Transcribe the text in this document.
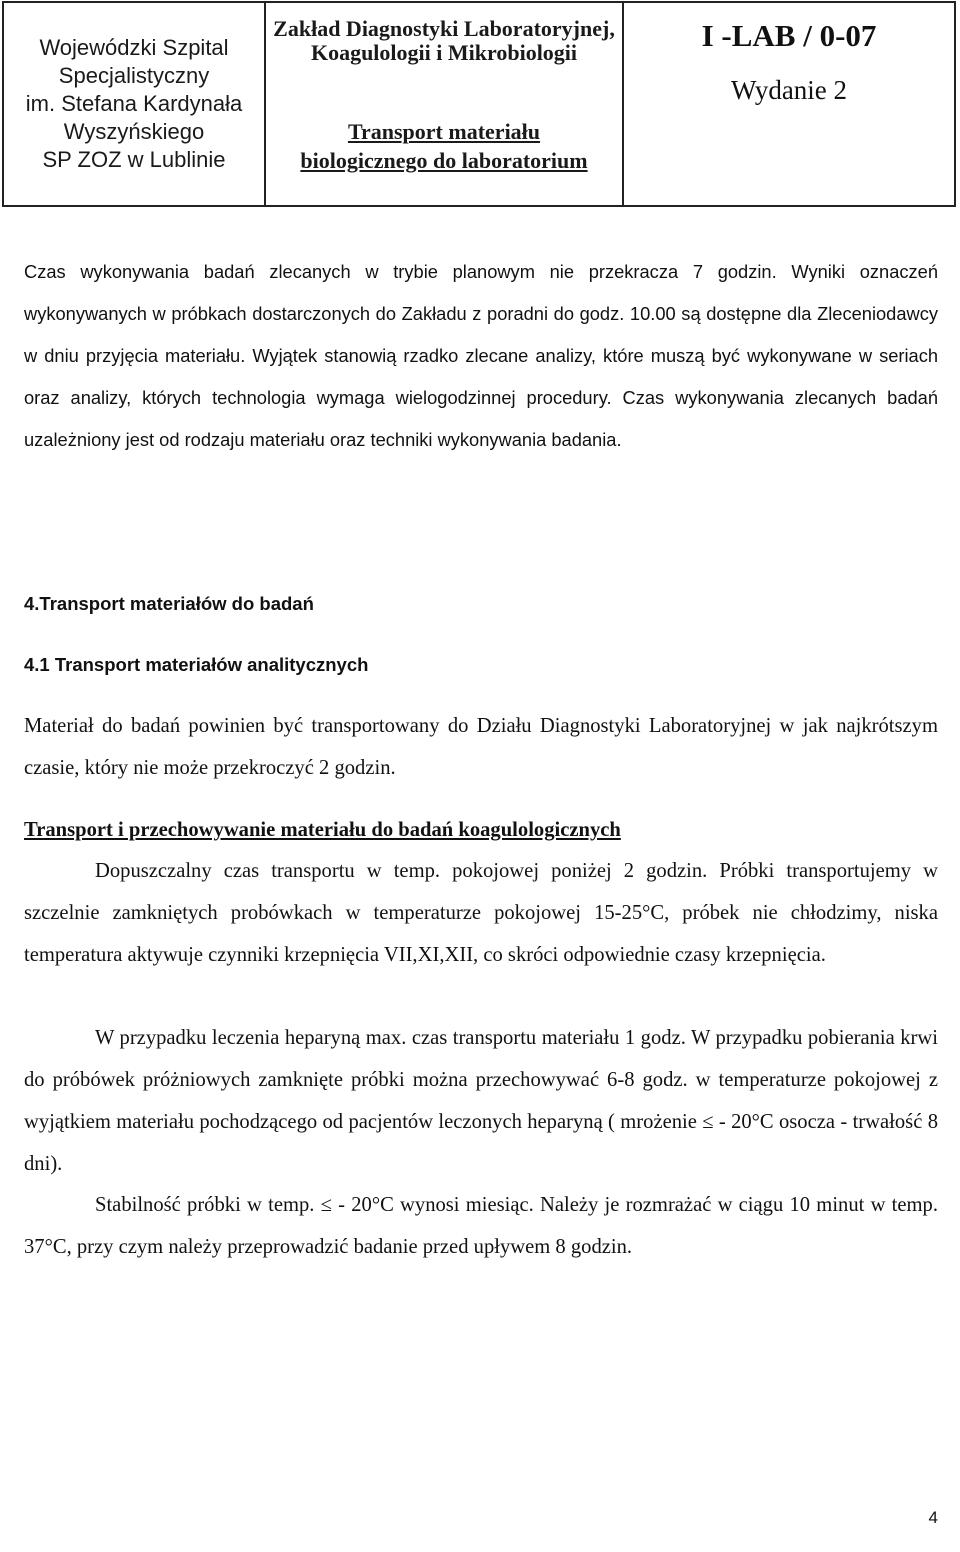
Wojewódzki Szpital
Specjalistyczny
im. Stefana Kardynała
Wyszyńskiego
SP ZOZ w Lublinie
Zakład Diagnostyki Laboratoryjnej,
Koagulologii i Mikrobiologii
Transport materiału
biologicznego do laboratorium
I -LAB / 0-07
Wydanie 2
Czas wykonywania badań zlecanych w trybie planowym nie przekracza 7 godzin. Wyniki oznaczeń wykonywanych w próbkach dostarczonych do Zakładu z poradni do godz. 10.00 są dostępne dla Zleceniodawcy w dniu przyjęcia materiału. Wyjątek stanowią rzadko zlecane analizy, które muszą być wykonywane w seriach oraz analizy, których technologia wymaga wielogodzinnej procedury. Czas wykonywania zlecanych badań uzależniony jest od rodzaju materiału oraz techniki wykonywania badania.
4.Transport materiałów do badań
4.1 Transport materiałów analitycznych
Materiał do badań powinien być transportowany do Działu Diagnostyki Laboratoryjnej w jak najkrótszym czasie, który nie może przekroczyć 2 godzin.
Transport i przechowywanie materiału do badań koagulologicznych
Dopuszczalny czas transportu w temp. pokojowej poniżej 2 godzin. Próbki transportujemy w szczelnie zamkniętych probówkach w temperaturze pokojowej 15-25°C, próbek nie chłodzimy, niska temperatura aktywuje czynniki krzepnięcia VII,XI,XII, co skróci odpowiednie czasy krzepnięcia.
W przypadku leczenia heparyną max. czas transportu materiału 1 godz. W przypadku pobierania krwi do próbówek próżniowych zamknięte próbki można przechowywać 6-8 godz. w temperaturze pokojowej z wyjątkiem materiału pochodzącego od pacjentów leczonych heparyną ( mrożenie ≤ - 20°C osocza - trwałość 8 dni).
Stabilność próbki w temp. ≤ - 20°C wynosi miesiąc. Należy je rozmrażać w ciągu 10 minut w temp. 37°C, przy czym należy przeprowadzić badanie przed upływem 8 godzin.
4
